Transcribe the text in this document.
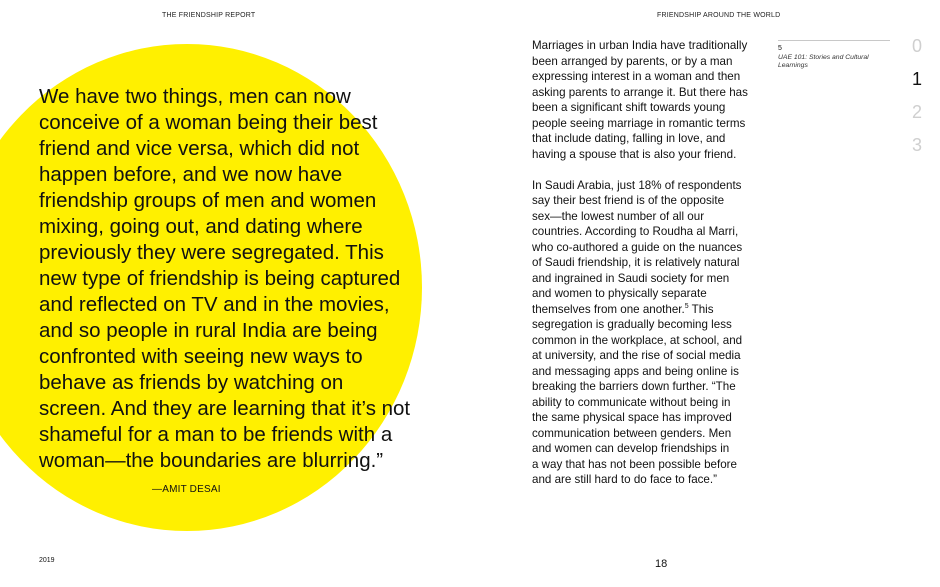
THE FRIENDSHIP REPORT	FRIENDSHIP AROUND THE WORLD
We have two things, men can now
conceive of a woman being their best
friend and vice versa, which did not
happen before, and we now have
friendship groups of men and women
mixing, going out, and dating where
previously they were segregated. This
new type of friendship is being captured
and reflected on TV and in the movies,
and so people in rural India are being
confronted with seeing new ways to
behave as friends by watching on
screen. And they are learning that it’s not
shameful for a man to be friends with a
woman—the boundaries are blurring.”
—AMIT DESAI

Marriages in urban India have traditionally
been arranged by parents, or by a man
expressing interest in a woman and then
asking parents to arrange it. But there has
been a significant shift towards young
people seeing marriage in romantic terms
that include dating, falling in love, and
having a spouse that is also your friend.

In Saudi Arabia, just 18% of respondents
say their best friend is of the opposite
sex—the lowest number of all our
countries. According to Roudha al Marri,
who co-authored a guide on the nuances
of Saudi friendship, it is relatively natural
and ingrained in Saudi society for men
and women to physically separate
themselves from one another.$^5$ This
segregation is gradually becoming less
common in the workplace, at school, and
at university, and the rise of social media
and messaging apps and being online is
breaking the barriers down further. “The
ability to communicate without being in
the same physical space has improved
communication between genders. Men
and women can develop friendships in
a way that has not been possible before
and are still hard to do face to face.”

5
UAE 101: Stories and Cultural Learnings
0
1
2
3
2019	18
